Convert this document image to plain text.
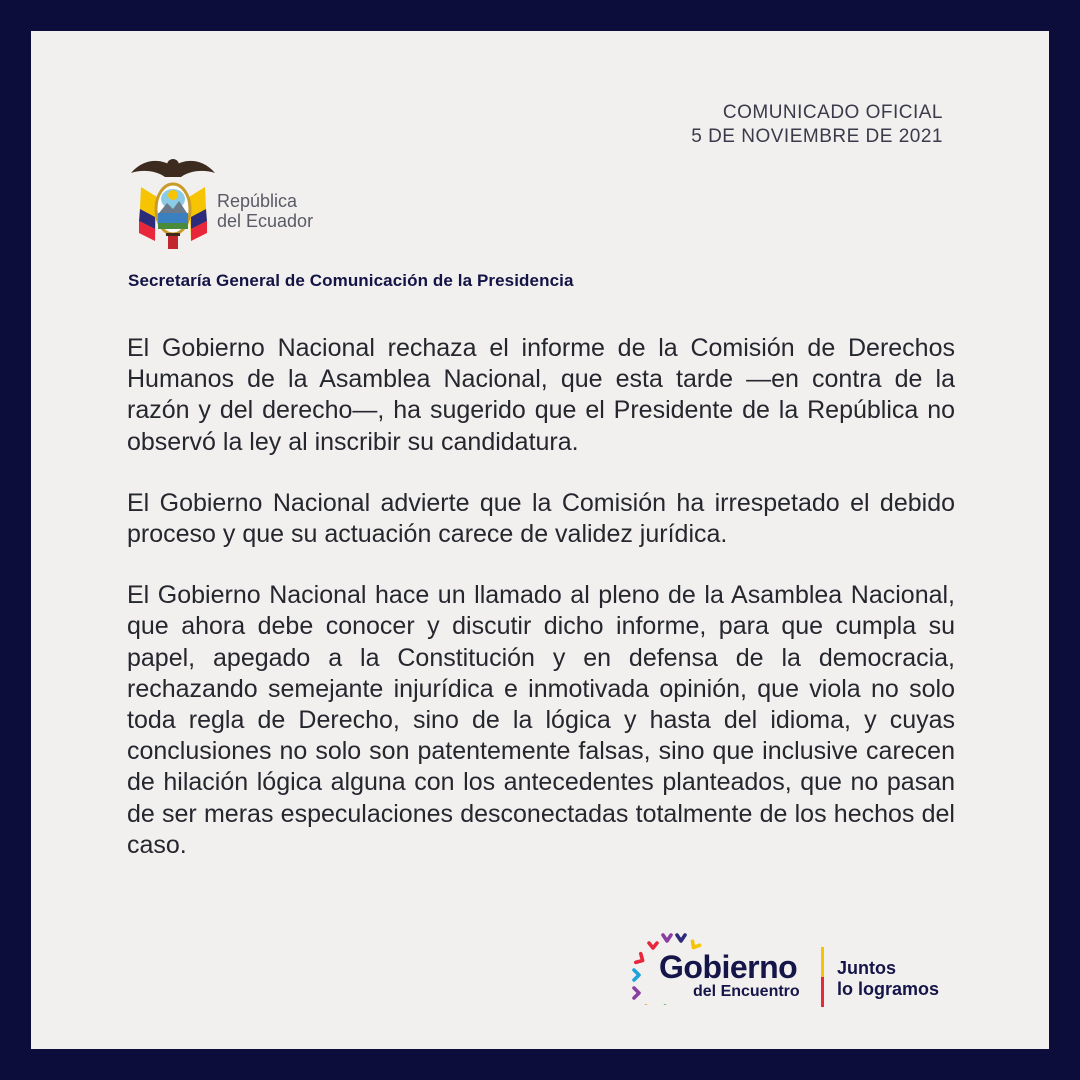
COMUNICADO OFICIAL
5 DE NOVIEMBRE DE 2021
República
del Ecuador
Secretaría General de Comunicación de la Presidencia

El Gobierno Nacional rechaza el informe de la Comisión de Derechos Humanos de la Asamblea Nacional, que esta tarde —en contra de la razón y del derecho—, ha sugerido que el Presidente de la República no observó la ley al inscribir su candidatura.

El Gobierno Nacional advierte que la Comisión ha irrespetado el debido proceso y que su actuación carece de validez jurídica.

El Gobierno Nacional hace un llamado al pleno de la Asamblea Nacional, que ahora debe conocer y discutir dicho informe, para que cumpla su papel, apegado a la Constitución y en defensa de la democracia, rechazando semejante injurídica e inmotivada opinión, que viola no solo toda regla de Derecho, sino de la lógica y hasta del idioma, y cuyas conclusiones no solo son patentemente falsas, sino que inclusive carecen de hilación lógica alguna con los antecedentes planteados, que no pasan de ser meras especulaciones desconectadas totalmente de los hechos del caso.

Gobierno
del Encuentro
Juntos
lo logramos
